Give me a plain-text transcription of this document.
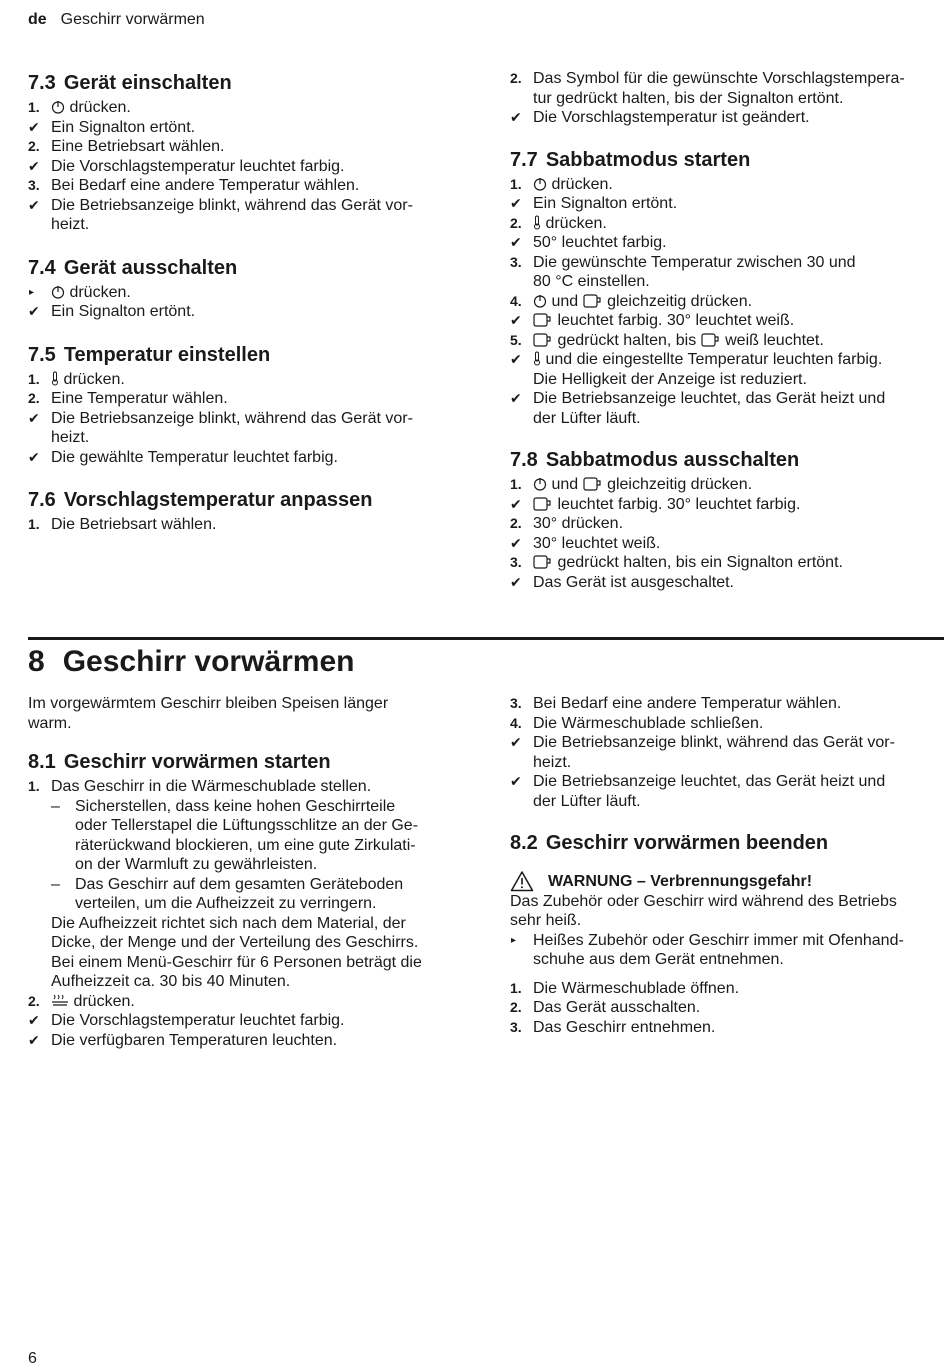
de Geschirr vorwärmen
7.3 Gerät einschalten
1. drücken.
✔ Ein Signalton ertönt.
2. Eine Betriebsart wählen.
✔ Die Vorschlagstemperatur leuchtet farbig.
3. Bei Bedarf eine andere Temperatur wählen.
✔ Die Betriebsanzeige blinkt, während das Gerät vor-
heizt.
7.4 Gerät ausschalten
▸ drücken.
✔ Ein Signalton ertönt.
7.5 Temperatur einstellen
1. drücken.
2. Eine Temperatur wählen.
✔ Die Betriebsanzeige blinkt, während das Gerät vor-
heizt.
✔ Die gewählte Temperatur leuchtet farbig.
7.6 Vorschlagstemperatur anpassen
1. Die Betriebsart wählen.
2. Das Symbol für die gewünschte Vorschlagstempera-
tur gedrückt halten, bis der Signalton ertönt.
✔ Die Vorschlagstemperatur ist geändert.
7.7 Sabbatmodus starten
1. drücken.
✔ Ein Signalton ertönt.
2. drücken.
✔ 50° leuchtet farbig.
3. Die gewünschte Temperatur zwischen 30 und
80 °C einstellen.
4. und gleichzeitig drücken.
✔ leuchtet farbig. 30° leuchtet weiß.
5. gedrückt halten, bis weiß leuchtet.
✔ und die eingestellte Temperatur leuchten farbig.
Die Helligkeit der Anzeige ist reduziert.
✔ Die Betriebsanzeige leuchtet, das Gerät heizt und
der Lüfter läuft.
7.8 Sabbatmodus ausschalten
1. und gleichzeitig drücken.
✔ leuchtet farbig. 30° leuchtet farbig.
2. 30° drücken.
✔ 30° leuchtet weiß.
3. gedrückt halten, bis ein Signalton ertönt.
✔ Das Gerät ist ausgeschaltet.
8 Geschirr vorwärmen
Im vorgewärmtem Geschirr bleiben Speisen länger
warm.
8.1 Geschirr vorwärmen starten
1. Das Geschirr in die Wärmeschublade stellen.
– Sicherstellen, dass keine hohen Geschirrteile
oder Tellerstapel die Lüftungsschlitze an der Ge-
räterückwand blockieren, um eine gute Zirkulati-
on der Warmluft zu gewährleisten.
– Das Geschirr auf dem gesamten Geräteboden
verteilen, um die Aufheizzeit zu verringern.
Die Aufheizzeit richtet sich nach dem Material, der
Dicke, der Menge und der Verteilung des Geschirrs.
Bei einem Menü-Geschirr für 6 Personen beträgt die
Aufheizzeit ca. 30 bis 40 Minuten.
2. drücken.
✔ Die Vorschlagstemperatur leuchtet farbig.
✔ Die verfügbaren Temperaturen leuchten.
3. Bei Bedarf eine andere Temperatur wählen.
4. Die Wärmeschublade schließen.
✔ Die Betriebsanzeige blinkt, während das Gerät vor-
heizt.
✔ Die Betriebsanzeige leuchtet, das Gerät heizt und
der Lüfter läuft.
8.2 Geschirr vorwärmen beenden
WARNUNG – Verbrennungsgefahr!
Das Zubehör oder Geschirr wird während des Betriebs
sehr heiß.
▸ Heißes Zubehör oder Geschirr immer mit Ofenhand-
schuhe aus dem Gerät entnehmen.
1. Die Wärmeschublade öffnen.
2. Das Gerät ausschalten.
3. Das Geschirr entnehmen.
6
